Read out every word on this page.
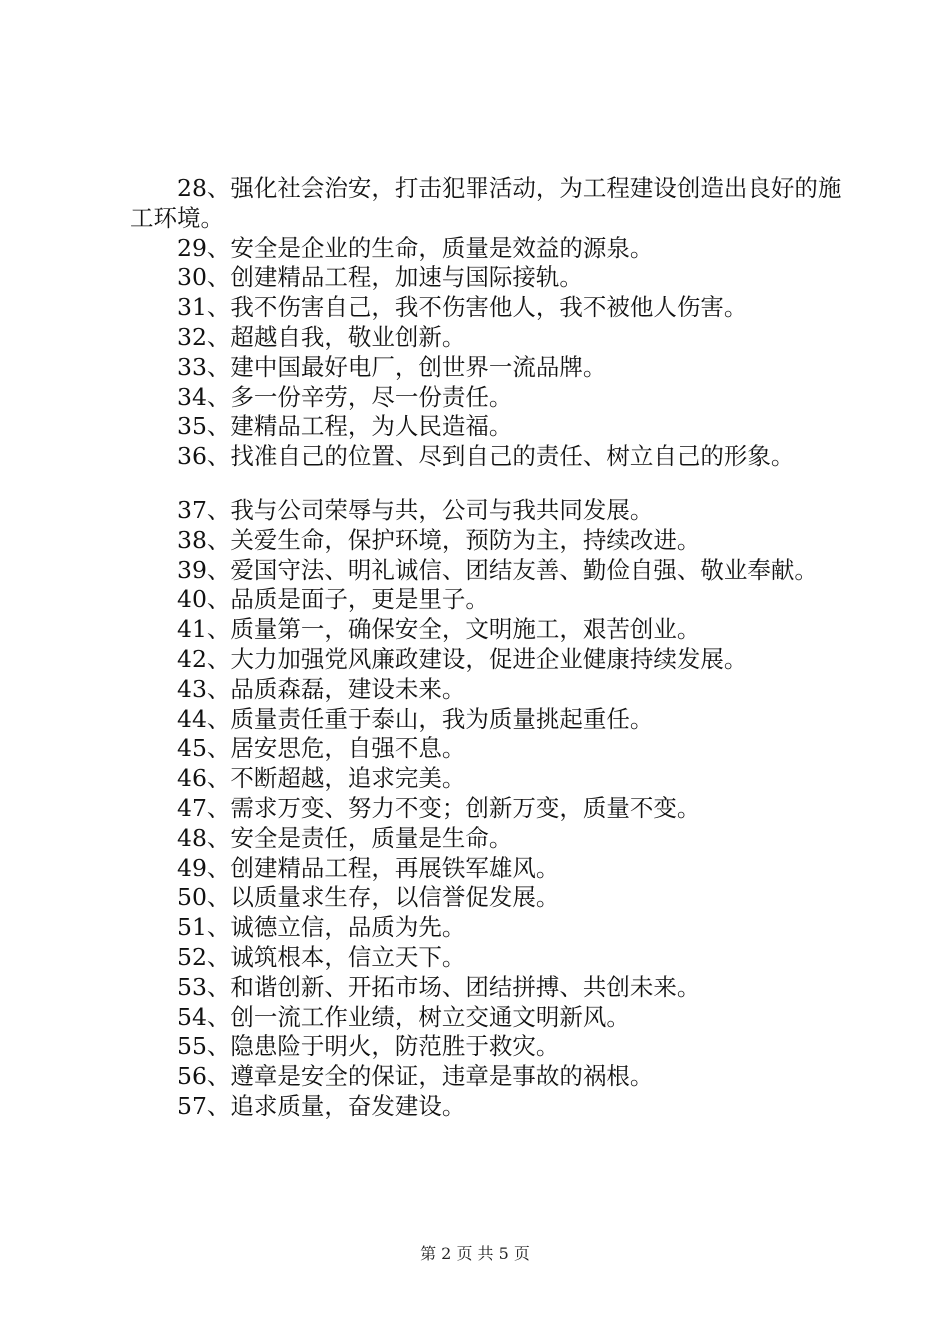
28、强化社会治安，打击犯罪活动，为工程建设创造出良好的施工环境。

29、安全是企业的生命，质量是效益的源泉。

30、创建精品工程，加速与国际接轨。

31、我不伤害自己，我不伤害他人，我不被他人伤害。

32、超越自我，敬业创新。

33、建中国最好电厂，创世界一流品牌。

34、多一份辛劳，尽一份责任。

35、建精品工程，为人民造福。

36、找准自己的位置、尽到自己的责任、树立自己的形象。

37、我与公司荣辱与共，公司与我共同发展。

38、关爱生命，保护环境，预防为主，持续改进。

39、爱国守法、明礼诚信、团结友善、勤俭自强、敬业奉献。

40、品质是面子，更是里子。

41、质量第一，确保安全，文明施工，艰苦创业。

42、大力加强党风廉政建设，促进企业健康持续发展。

43、品质森磊，建设未来。

44、质量责任重于泰山，我为质量挑起重任。

45、居安思危，自强不息。

46、不断超越，追求完美。

47、需求万变、努力不变；创新万变，质量不变。

48、安全是责任，质量是生命。

49、创建精品工程，再展铁军雄风。

50、以质量求生存，以信誉促发展。

51、诚德立信，品质为先。

52、诚筑根本，信立天下。

53、和谐创新、开拓市场、团结拼搏、共创未来。

54、创一流工作业绩，树立交通文明新风。

55、隐患险于明火，防范胜于救灾。

56、遵章是安全的保证，违章是事故的祸根。

57、追求质量，奋发建设。

第 2 页 共 5 页
